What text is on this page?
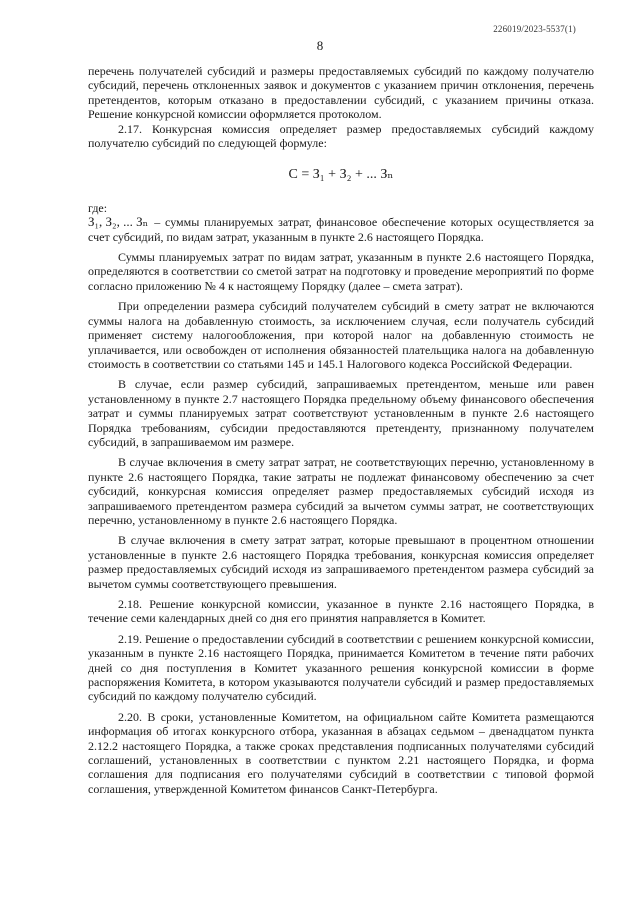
226019/2023-5537(1)
8

перечень получателей субсидий и размеры предоставляемых субсидий по каждому получателю субсидий, перечень отклоненных заявок и документов с указанием причин отклонения, перечень претендентов, которым отказано в предоставлении субсидий, с указанием причины отказа. Решение конкурсной комиссии оформляется протоколом.

2.17. Конкурсная комиссия определяет размер предоставляемых субсидий каждому получателю субсидий по следующей формуле:

С = З₁ + З₂ + ... Зₙ

где:

З₁, З₂, ... Зₙ – суммы планируемых затрат, финансовое обеспечение которых осуществляется за счет субсидий, по видам затрат, указанным в пункте 2.6 настоящего Порядка.

Суммы планируемых затрат по видам затрат, указанным в пункте 2.6 настоящего Порядка, определяются в соответствии со сметой затрат на подготовку и проведение мероприятий по форме согласно приложению № 4 к настоящему Порядку (далее – смета затрат).

При определении размера субсидий получателем субсидий в смету затрат не включаются суммы налога на добавленную стоимость, за исключением случая, если получатель субсидий применяет систему налогообложения, при которой налог на добавленную стоимость не уплачивается, или освобожден от исполнения обязанностей плательщика налога на добавленную стоимость в соответствии со статьями 145 и 145.1 Налогового кодекса Российской Федерации.

В случае, если размер субсидий, запрашиваемых претендентом, меньше или равен установленному в пункте 2.7 настоящего Порядка предельному объему финансового обеспечения затрат и суммы планируемых затрат соответствуют установленным в пункте 2.6 настоящего Порядка требованиям, субсидии предоставляются претенденту, признанному получателем субсидий, в запрашиваемом им размере.

В случае включения в смету затрат затрат, не соответствующих перечню, установленному в пункте 2.6 настоящего Порядка, такие затраты не подлежат финансовому обеспечению за счет субсидий, конкурсная комиссия определяет размер предоставляемых субсидий исходя из запрашиваемого претендентом размера субсидий за вычетом суммы затрат, не соответствующих перечню, установленному в пункте 2.6 настоящего Порядка.

В случае включения в смету затрат затрат, которые превышают в процентном отношении установленные в пункте 2.6 настоящего Порядка требования, конкурсная комиссия определяет размер предоставляемых субсидий исходя из запрашиваемого претендентом размера субсидий за вычетом суммы соответствующего превышения.

2.18. Решение конкурсной комиссии, указанное в пункте 2.16 настоящего Порядка, в течение семи календарных дней со дня его принятия направляется в Комитет.

2.19. Решение о предоставлении субсидий в соответствии с решением конкурсной комиссии, указанным в пункте 2.16 настоящего Порядка, принимается Комитетом в течение пяти рабочих дней со дня поступления в Комитет указанного решения конкурсной комиссии в форме распоряжения Комитета, в котором указываются получатели субсидий и размер предоставляемых субсидий по каждому получателю субсидий.

2.20. В сроки, установленные Комитетом, на официальном сайте Комитета размещаются информация об итогах конкурсного отбора, указанная в абзацах седьмом – двенадцатом пункта 2.12.2 настоящего Порядка, а также сроках представления подписанных получателями субсидий соглашений, установленных в соответствии с пунктом 2.21 настоящего Порядка, и форма соглашения для подписания его получателями субсидий в соответствии с типовой формой соглашения, утвержденной Комитетом финансов Санкт-Петербурга.
